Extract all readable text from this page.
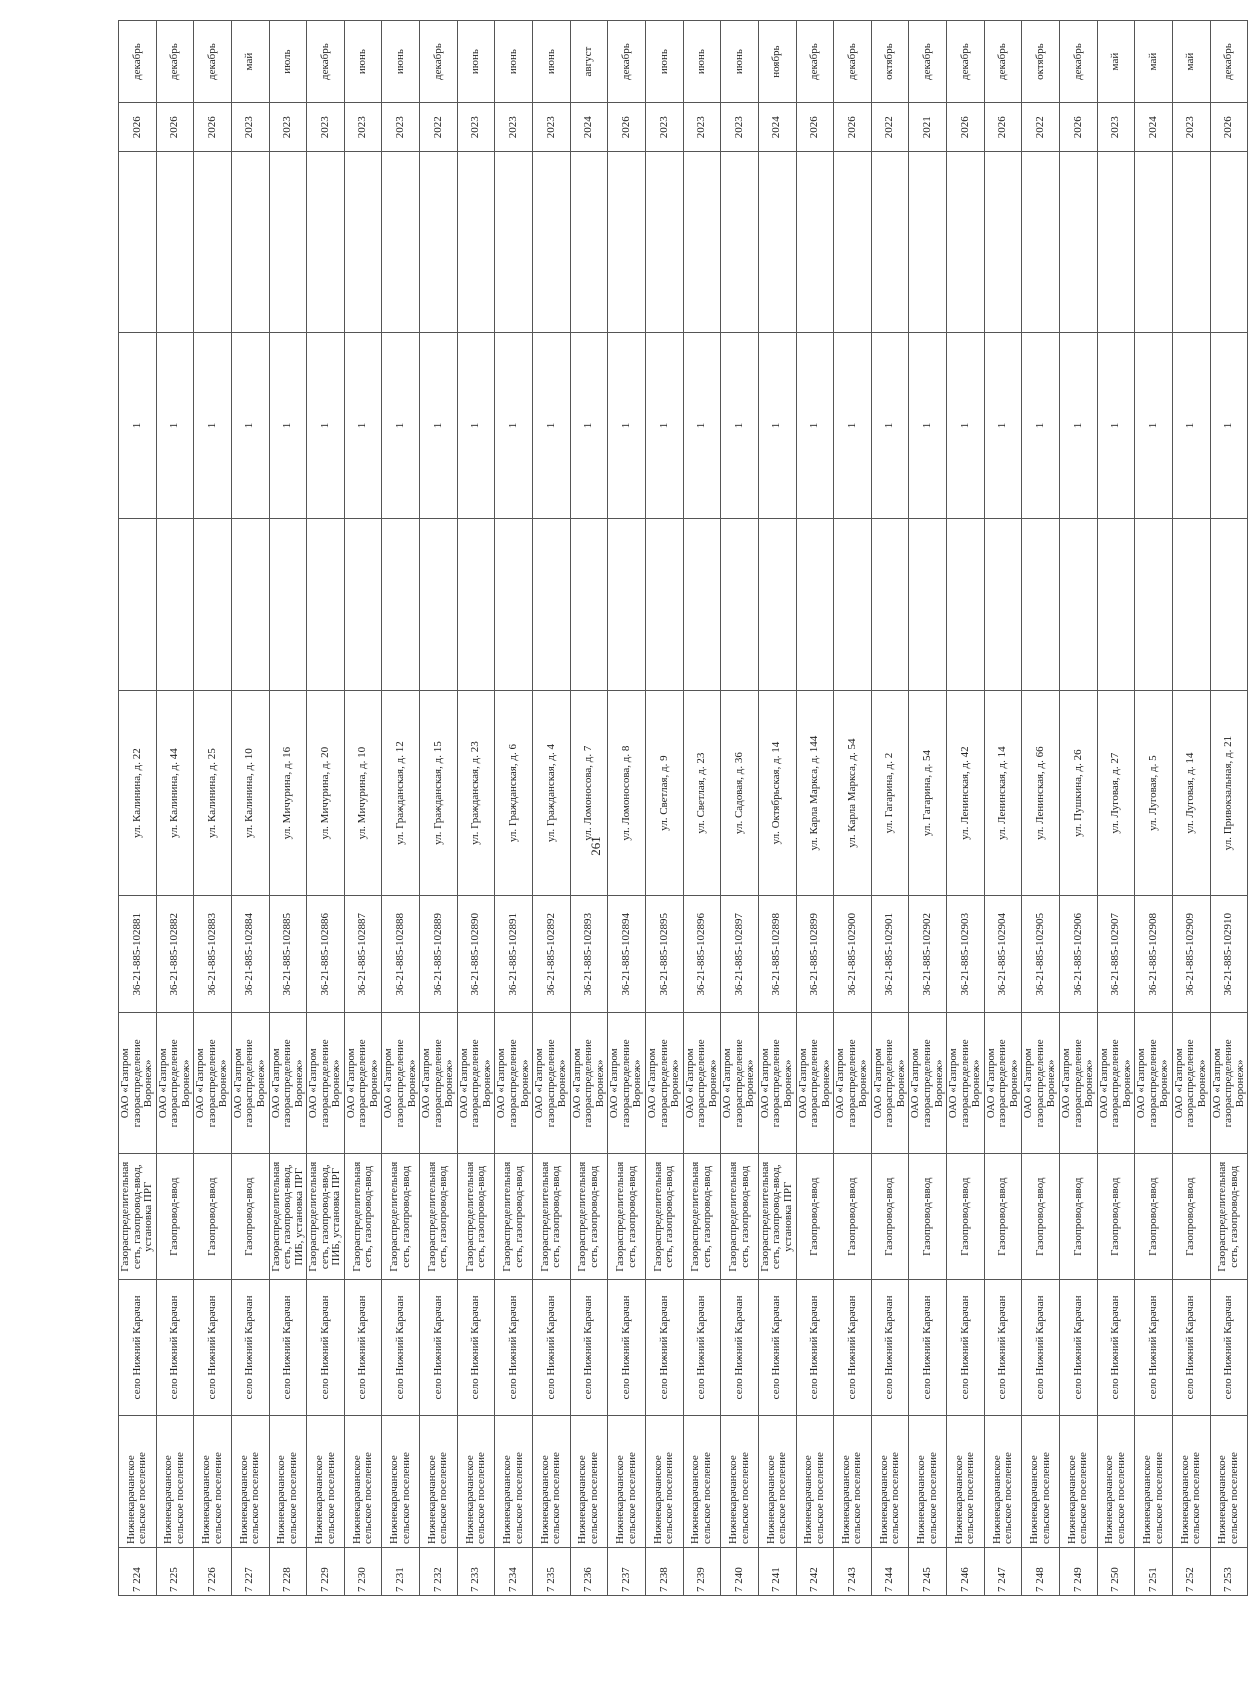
261
7 224	Нижнекарачанское сельское поселение	село Нижний Карачан	Газораспределительная сеть, газопровод-ввод, установка ПРГ	ОАО «Газпром газораспределение Воронеж»	36-21-885-102881	ул. Калинина, д. 22		1		2026	декабрь
7 225	Нижнекарачанское сельское поселение	село Нижний Карачан	Газопровод-ввод	ОАО «Газпром газораспределение Воронеж»	36-21-885-102882	ул. Калинина, д. 44		1		2026	декабрь
7 226	Нижнекарачанское сельское поселение	село Нижний Карачан	Газопровод-ввод	ОАО «Газпром газораспределение Воронеж»	36-21-885-102883	ул. Калинина, д. 25		1		2026	декабрь
7 227	Нижнекарачанское сельское поселение	село Нижний Карачан	Газопровод-ввод	ОАО «Газпром газораспределение Воронеж»	36-21-885-102884	ул. Калинина, д. 10		1		2023	май
7 228	Нижнекарачанское сельское поселение	село Нижний Карачан	Газораспределительная сеть, газопровод-ввод, ПИБ, установка ПРГ	ОАО «Газпром газораспределение Воронеж»	36-21-885-102885	ул. Мичурина, д. 16		1		2023	июль
7 229	Нижнекарачанское сельское поселение	село Нижний Карачан	Газораспределительная сеть, газопровод-ввод, ПИБ, установка ПРГ	ОАО «Газпром газораспределение Воронеж»	36-21-885-102886	ул. Мичурина, д. 20		1		2023	декабрь
7 230	Нижнекарачанское сельское поселение	село Нижний Карачан	Газораспределительная сеть, газопровод-ввод	ОАО «Газпром газораспределение Воронеж»	36-21-885-102887	ул. Мичурина, д. 10		1		2023	июнь
7 231	Нижнекарачанское сельское поселение	село Нижний Карачан	Газораспределительная сеть, газопровод-ввод	ОАО «Газпром газораспределение Воронеж»	36-21-885-102888	ул. Гражданская, д. 12		1		2023	июнь
7 232	Нижнекарачанское сельское поселение	село Нижний Карачан	Газораспределительная сеть, газопровод-ввод	ОАО «Газпром газораспределение Воронеж»	36-21-885-102889	ул. Гражданская, д. 15		1		2022	декабрь
7 233	Нижнекарачанское сельское поселение	село Нижний Карачан	Газораспределительная сеть, газопровод-ввод	ОАО «Газпром газораспределение Воронеж»	36-21-885-102890	ул. Гражданская, д. 23		1		2023	июнь
7 234	Нижнекарачанское сельское поселение	село Нижний Карачан	Газораспределительная сеть, газопровод-ввод	ОАО «Газпром газораспределение Воронеж»	36-21-885-102891	ул. Гражданская, д. 6		1		2023	июнь
7 235	Нижнекарачанское сельское поселение	село Нижний Карачан	Газораспределительная сеть, газопровод-ввод	ОАО «Газпром газораспределение Воронеж»	36-21-885-102892	ул. Гражданская, д. 4		1		2023	июнь
7 236	Нижнекарачанское сельское поселение	село Нижний Карачан	Газораспределительная сеть, газопровод-ввод	ОАО «Газпром газораспределение Воронеж»	36-21-885-102893	ул. Ломоносова, д. 7		1		2024	август
7 237	Нижнекарачанское сельское поселение	село Нижний Карачан	Газораспределительная сеть, газопровод-ввод	ОАО «Газпром газораспределение Воронеж»	36-21-885-102894	ул. Ломоносова, д. 8		1		2026	декабрь
7 238	Нижнекарачанское сельское поселение	село Нижний Карачан	Газораспределительная сеть, газопровод-ввод	ОАО «Газпром газораспределение Воронеж»	36-21-885-102895	ул. Светлая, д. 9		1		2023	июнь
7 239	Нижнекарачанское сельское поселение	село Нижний Карачан	Газораспределительная сеть, газопровод-ввод	ОАО «Газпром газораспределение Воронеж»	36-21-885-102896	ул. Светлая, д. 23		1		2023	июнь
7 240	Нижнекарачанское сельское поселение	село Нижний Карачан	Газораспределительная сеть, газопровод-ввод	ОАО «Газпром газораспределение Воронеж»	36-21-885-102897	ул. Садовая, д. 36		1		2023	июнь
7 241	Нижнекарачанское сельское поселение	село Нижний Карачан	Газораспределительная сеть, газопровод-ввод, установка ПРГ	ОАО «Газпром газораспределение Воронеж»	36-21-885-102898	ул. Октябрьская, д. 14		1		2024	ноябрь
7 242	Нижнекарачанское сельское поселение	село Нижний Карачан	Газопровод-ввод	ОАО «Газпром газораспределение Воронеж»	36-21-885-102899	ул. Карла Маркса, д. 144		1		2026	декабрь
7 243	Нижнекарачанское сельское поселение	село Нижний Карачан	Газопровод-ввод	ОАО «Газпром газораспределение Воронеж»	36-21-885-102900	ул. Карла Маркса, д. 54		1		2026	декабрь
7 244	Нижнекарачанское сельское поселение	село Нижний Карачан	Газопровод-ввод	ОАО «Газпром газораспределение Воронеж»	36-21-885-102901	ул. Гагарина, д. 2		1		2022	октябрь
7 245	Нижнекарачанское сельское поселение	село Нижний Карачан	Газопровод-ввод	ОАО «Газпром газораспределение Воронеж»	36-21-885-102902	ул. Гагарина, д. 54		1		2021	декабрь
7 246	Нижнекарачанское сельское поселение	село Нижний Карачан	Газопровод-ввод	ОАО «Газпром газораспределение Воронеж»	36-21-885-102903	ул. Ленинская, д. 42		1		2026	декабрь
7 247	Нижнекарачанское сельское поселение	село Нижний Карачан	Газопровод-ввод	ОАО «Газпром газораспределение Воронеж»	36-21-885-102904	ул. Ленинская, д. 14		1		2026	декабрь
7 248	Нижнекарачанское сельское поселение	село Нижний Карачан	Газопровод-ввод	ОАО «Газпром газораспределение Воронеж»	36-21-885-102905	ул. Ленинская, д. 66		1		2022	октябрь
7 249	Нижнекарачанское сельское поселение	село Нижний Карачан	Газопровод-ввод	ОАО «Газпром газораспределение Воронеж»	36-21-885-102906	ул. Пушкина, д. 26		1		2026	декабрь
7 250	Нижнекарачанское сельское поселение	село Нижний Карачан	Газопровод-ввод	ОАО «Газпром газораспределение Воронеж»	36-21-885-102907	ул. Луговая, д. 27		1		2023	май
7 251	Нижнекарачанское сельское поселение	село Нижний Карачан	Газопровод-ввод	ОАО «Газпром газораспределение Воронеж»	36-21-885-102908	ул. Луговая, д. 5		1		2024	май
7 252	Нижнекарачанское сельское поселение	село Нижний Карачан	Газопровод-ввод	ОАО «Газпром газораспределение Воронеж»	36-21-885-102909	ул. Луговая, д. 14		1		2023	май
7 253	Нижнекарачанское сельское поселение	село Нижний Карачан	Газораспределительная сеть, газопровод-ввод	ОАО «Газпром газораспределение Воронеж»	36-21-885-102910	ул. Привокзальная, д. 21		1		2026	декабрь
